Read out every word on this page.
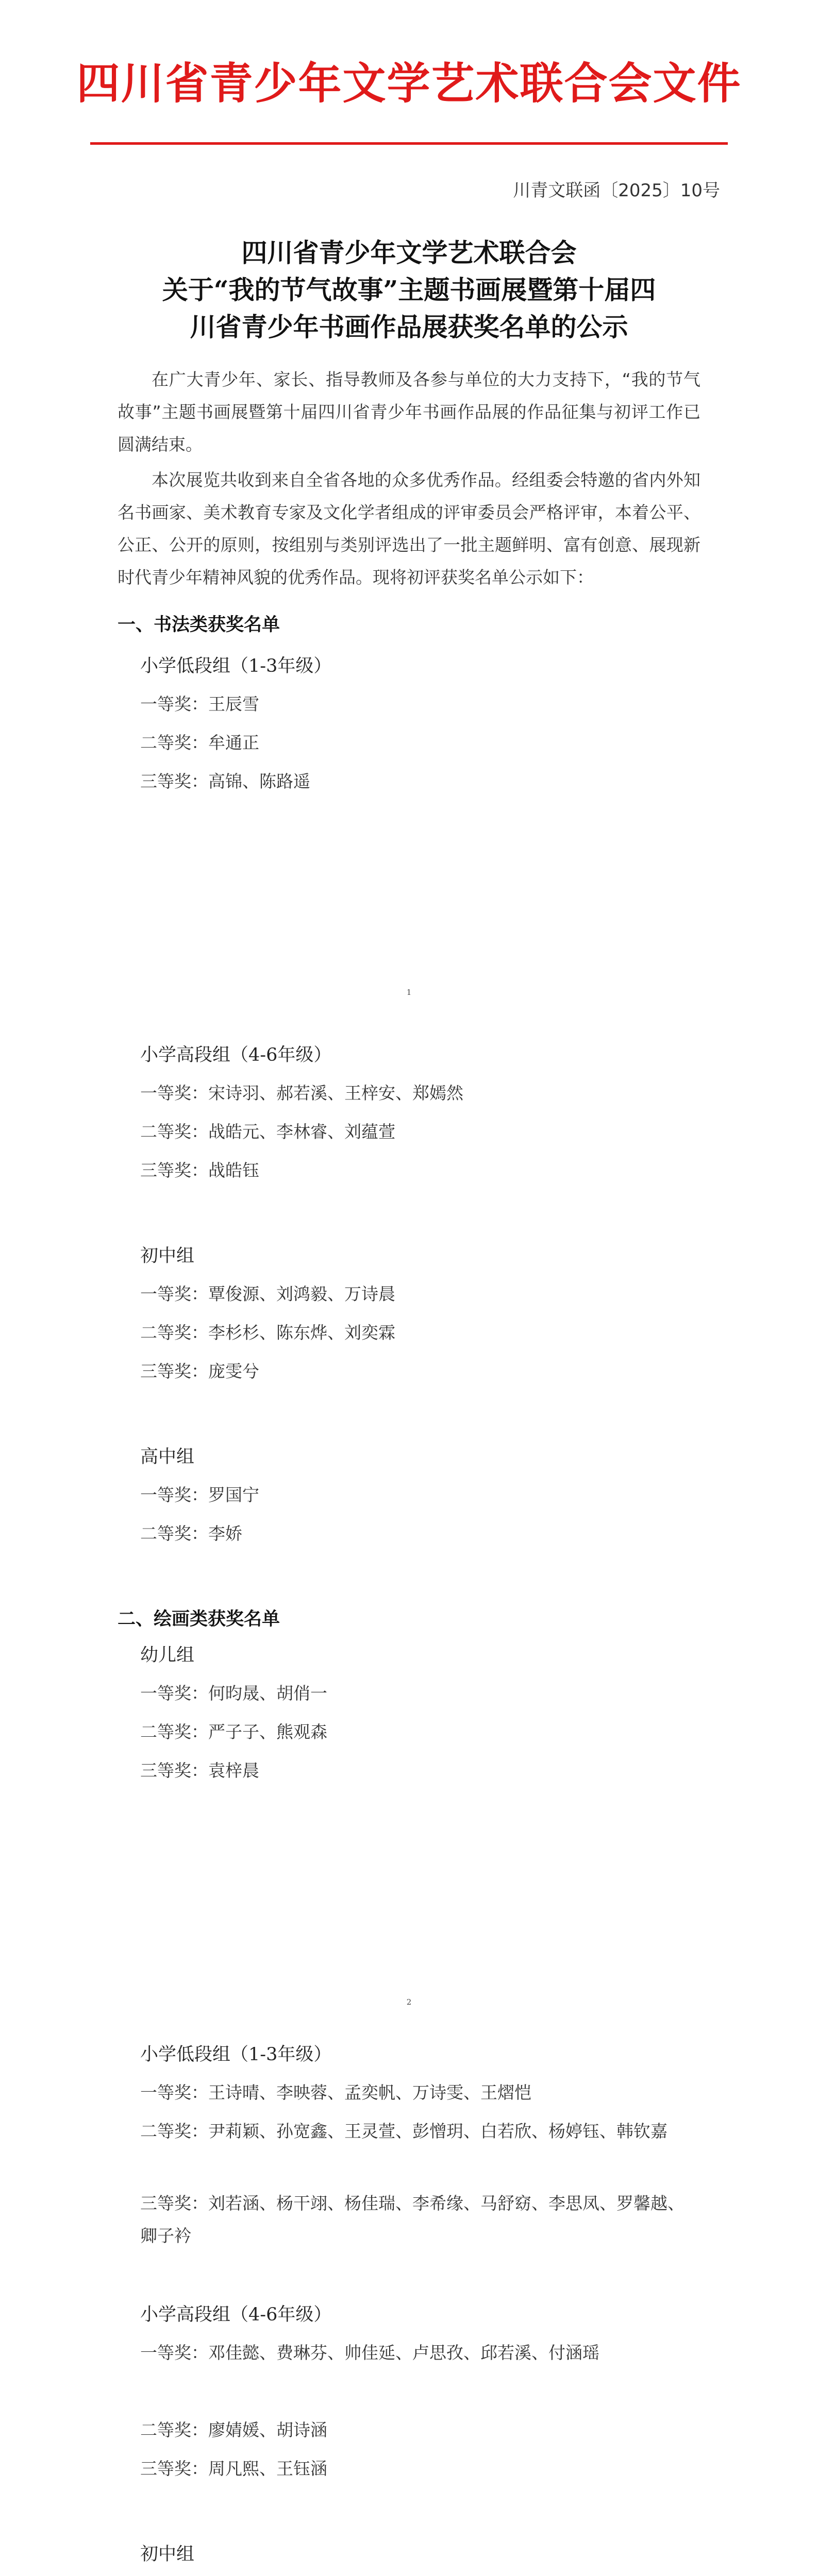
四川省青少年文学艺术联合会文件
川青文联函〔2025〕10号
四川省青少年文学艺术联合会
关于“我的节气故事”主题书画展暨第十届四
川省青少年书画作品展获奖名单的公示
在广大青少年、家长、指导教师及各参与单位的大力支持下，“我的节气故事”主题书画展暨第十届四川省青少年书画作品展的作品征集与初评工作已圆满结束。
本次展览共收到来自全省各地的众多优秀作品。经组委会特邀的省内外知名书画家、美术教育专家及文化学者组成的评审委员会严格评审，本着公平、公正、公开的原则，按组别与类别评选出了一批主题鲜明、富有创意、展现新时代青少年精神风貌的优秀作品。现将初评获奖名单公示如下：
一、书法类获奖名单
小学低段组（1-3年级）
一等奖：王辰雪
二等奖：牟通正
三等奖：高锦、陈路遥
1
小学高段组（4-6年级）
一等奖：宋诗羽、郝若溪、王梓安、郑嫣然
二等奖：战皓元、李林睿、刘蕴萱
三等奖：战皓钰
初中组
一等奖：覃俊源、刘鸿毅、万诗晨
二等奖：李杉杉、陈东烨、刘奕霖
三等奖：庞雯兮
高中组
一等奖：罗国宁
二等奖：李娇
二、绘画类获奖名单
幼儿组
一等奖：何昀晟、胡俏一
二等奖：严子子、熊观森
三等奖：袁梓晨
2
小学低段组（1-3年级）
一等奖：王诗晴、李映蓉、孟奕帆、万诗雯、王熠恺
二等奖：尹莉颖、孙宽鑫、王灵萱、彭憎玥、白若欣、杨婷钰、韩钦嘉
三等奖：刘若涵、杨干翊、杨佳瑞、李希缘、马舒窈、李思凤、罗馨越、卿子衿
小学高段组（4-6年级）
一等奖：邓佳懿、费琳芬、帅佳延、卢思孜、邱若溪、付涵瑶
二等奖：廖婧媛、胡诗涵
三等奖：周凡熙、王钰涵
初中组
